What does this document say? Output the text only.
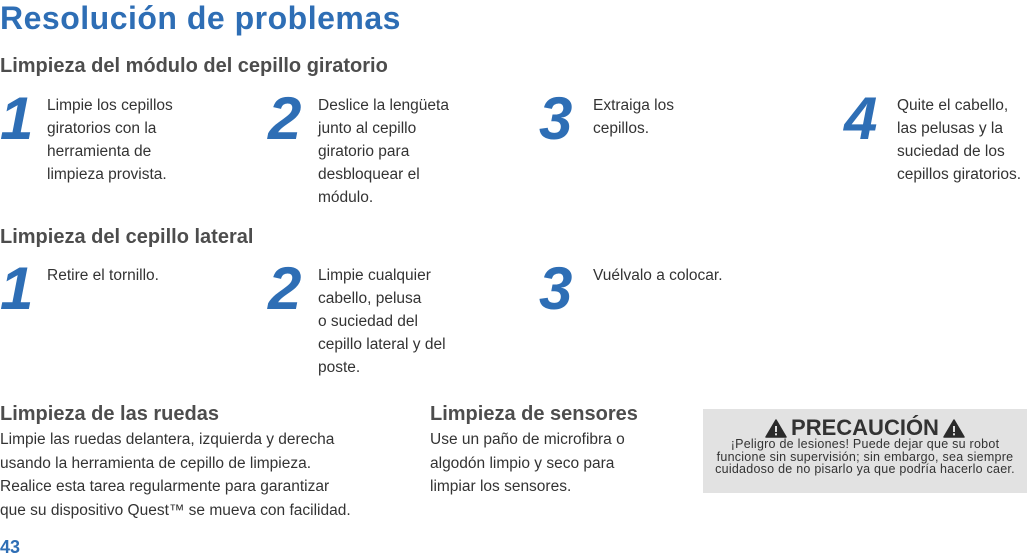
Resolución de problemas
Limpieza del módulo del cepillo giratorio
1 Limpie los cepillos
giratorios con la
herramienta de
limpieza provista.
2 Deslice la lengüeta
junto al cepillo
giratorio para
desbloquear el
módulo.
3 Extraiga los
cepillos.	4 Quite el cabello,
las pelusas y la
suciedad de los
cepillos giratorios.
Limpieza del cepillo lateral
1 Retire el tornillo. 2 Limpie cualquier
cabello, pelusa
o suciedad del
cepillo lateral y del
poste.
3 Vuélvalo a colocar.
Limpieza de las ruedas

Limpie las ruedas delantera, izquierda y derecha
usando la herramienta de cepillo de limpieza.
Realice esta tarea regularmente para garantizar
que su dispositivo Quest™ se mueva con facilidad.

Limpieza de sensores

Use un paño de microfibra o
algodón limpio y seco para
limpiar los sensores.

PRECAUCIÓN
¡Peligro de lesiones! Puede dejar que su robot
funcione sin supervisión; sin embargo, sea siempre
cuidadoso de no pisarlo ya que podría hacerlo caer.
43
